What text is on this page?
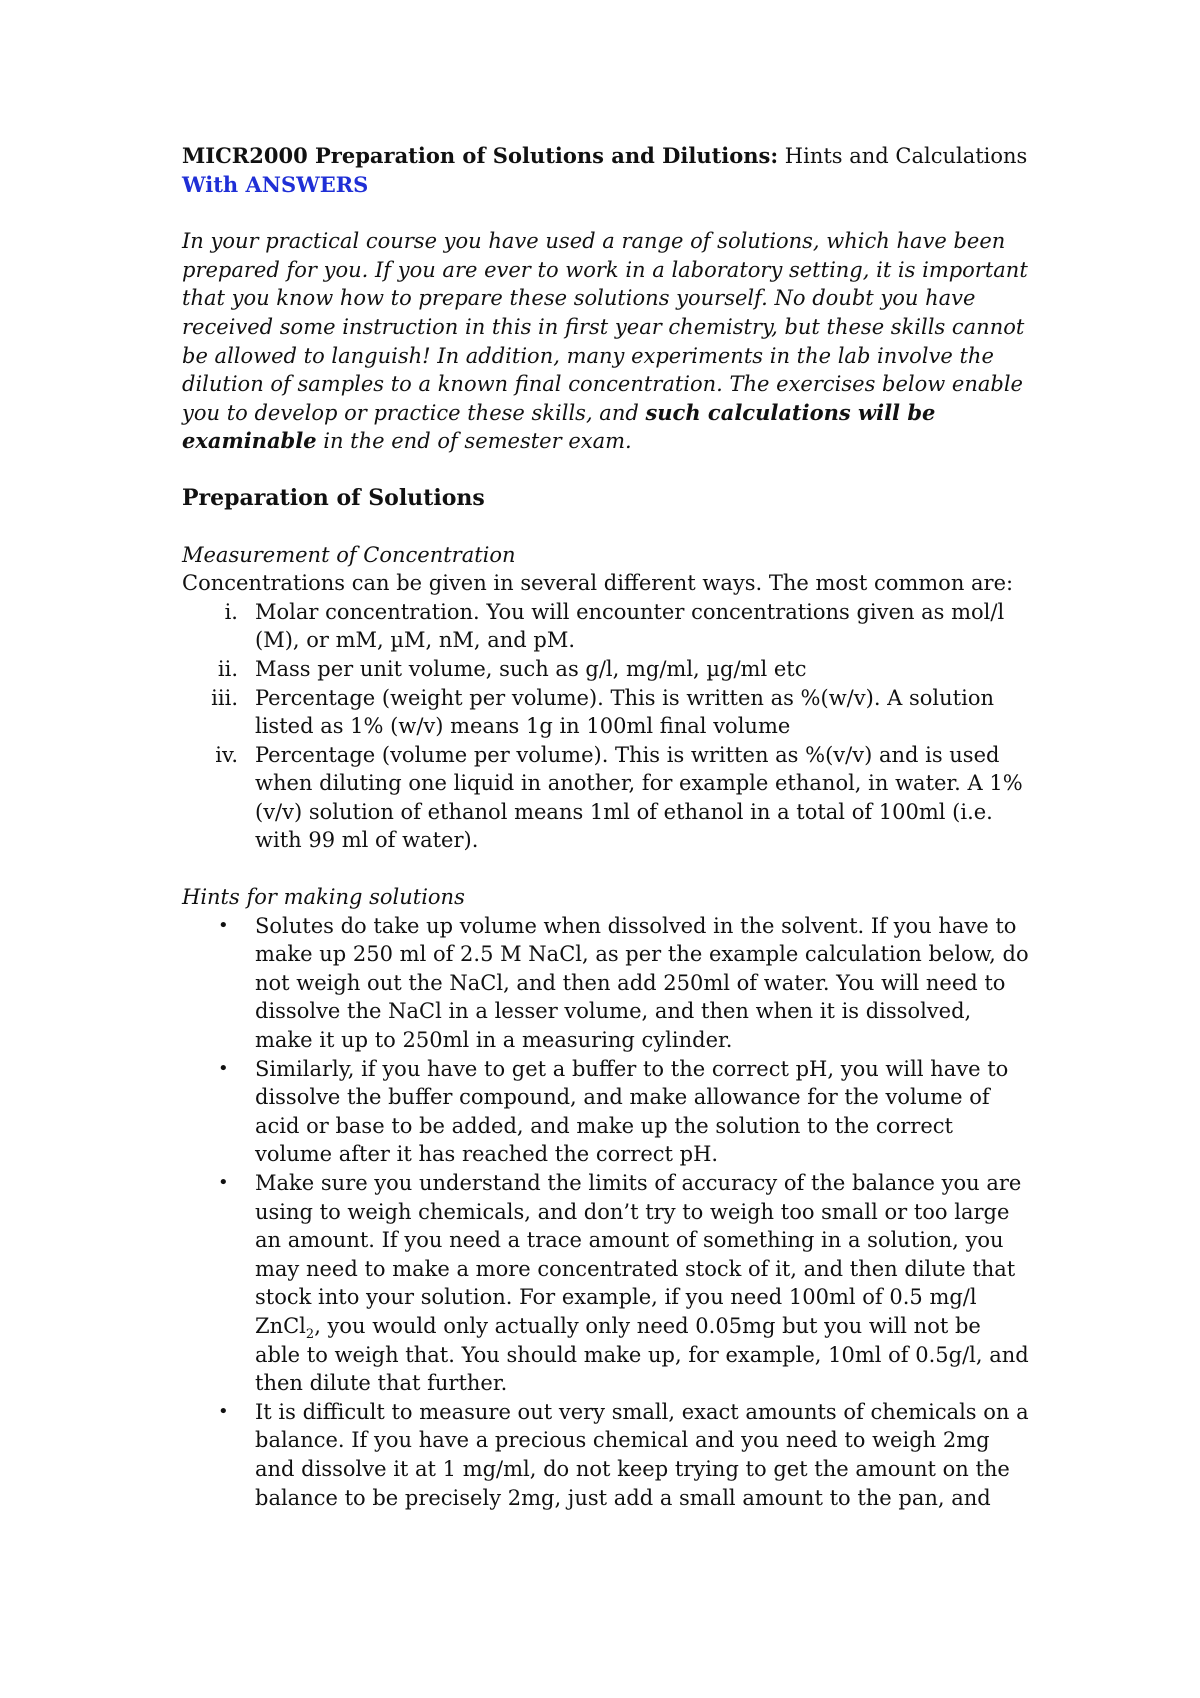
MICR2000 Preparation of Solutions and Dilutions: Hints and Calculations

With ANSWERS

In your practical course you have used a range of solutions, which have been prepared for you. If you are ever to work in a laboratory setting, it is important that you know how to prepare these solutions yourself. No doubt you have received some instruction in this in first year chemistry, but these skills cannot be allowed to languish! In addition, many experiments in the lab involve the dilution of samples to a known final concentration. The exercises below enable you to develop or practice these skills, and such calculations will be examinable in the end of semester exam.

Preparation of Solutions

Measurement of Concentration

Concentrations can be given in several different ways. The most common are:

i. Molar concentration. You will encounter concentrations given as mol/l (M), or mM, µM, nM, and pM.
ii. Mass per unit volume, such as g/l, mg/ml, µg/ml etc
iii. Percentage (weight per volume). This is written as %(w/v). A solution listed as 1% (w/v) means 1g in 100ml final volume
iv. Percentage (volume per volume). This is written as %(v/v) and is used when diluting one liquid in another, for example ethanol, in water. A 1% (v/v) solution of ethanol means 1ml of ethanol in a total of 100ml (i.e. with 99 ml of water).

Hints for making solutions

• Solutes do take up volume when dissolved in the solvent. If you have to make up 250 ml of 2.5 M NaCl, as per the example calculation below, do not weigh out the NaCl, and then add 250ml of water. You will need to dissolve the NaCl in a lesser volume, and then when it is dissolved, make it up to 250ml in a measuring cylinder.
• Similarly, if you have to get a buffer to the correct pH, you will have to dissolve the buffer compound, and make allowance for the volume of acid or base to be added, and make up the solution to the correct volume after it has reached the correct pH.
• Make sure you understand the limits of accuracy of the balance you are using to weigh chemicals, and don’t try to weigh too small or too large an amount. If you need a trace amount of something in a solution, you may need to make a more concentrated stock of it, and then dilute that stock into your solution. For example, if you need 100ml of 0.5 mg/l ZnCl$_2$, you would only actually only need 0.05mg but you will not be able to weigh that. You should make up, for example, 10ml of 0.5g/l, and then dilute that further.
• It is difficult to measure out very small, exact amounts of chemicals on a balance. If you have a precious chemical and you need to weigh 2mg and dissolve it at 1 mg/ml, do not keep trying to get the amount on the balance to be precisely 2mg, just add a small amount to the pan, and
